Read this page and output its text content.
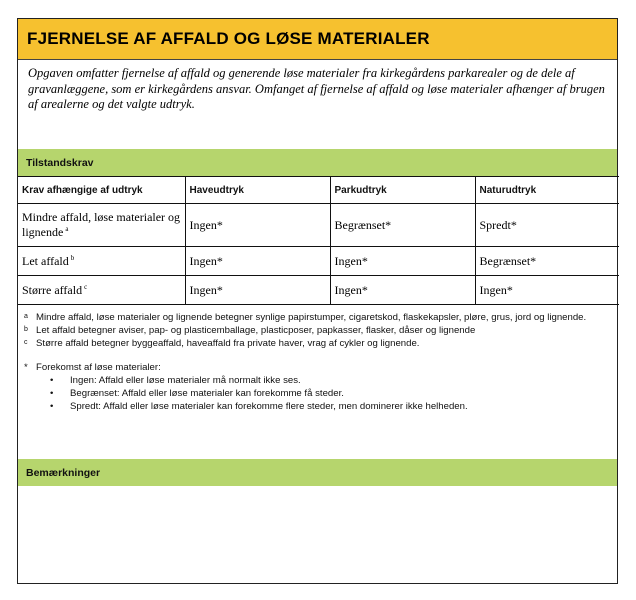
FJERNELSE AF AFFALD OG LØSE MATERIALER
Opgaven omfatter fjernelse af affald og generende løse materialer fra kirkegårdens parkarealer og de dele af gravanlæggene, som er kirkegårdens ansvar. Omfanget af fjernelse af affald og løse materialer afhænger af brugen af arealerne og det valgte udtryk.
Tilstandskrav
Krav afhængige af udtryk	Haveudtryk	Parkudtryk	Naturudtryk
Mindre affald, løse materialer og lignende $^a$	Ingen*	Begrænset*	Spredt*
Let affald $^b$	Ingen*	Ingen*	Begrænset*
Større affald $^c$	Ingen*	Ingen*	Ingen*
a Mindre affald, løse materialer og lignende betegner synlige papirstumper, cigaretskod, flaskekapsler, pløre, grus, jord og lignende.
b Let affald betegner aviser, pap- og plasticemballage, plasticposer, papkasser, flasker, dåser og lignende
c Større affald betegner byggeaffald, haveaffald fra private haver, vrag af cykler og lignende.
* Forekomst af løse materialer:
•	Ingen: Affald eller løse materialer må normalt ikke ses.
•	Begrænset: Affald eller løse materialer kan forekomme få steder.
•	Spredt: Affald eller løse materialer kan forekomme flere steder, men dominerer ikke helheden.
Bemærkninger
